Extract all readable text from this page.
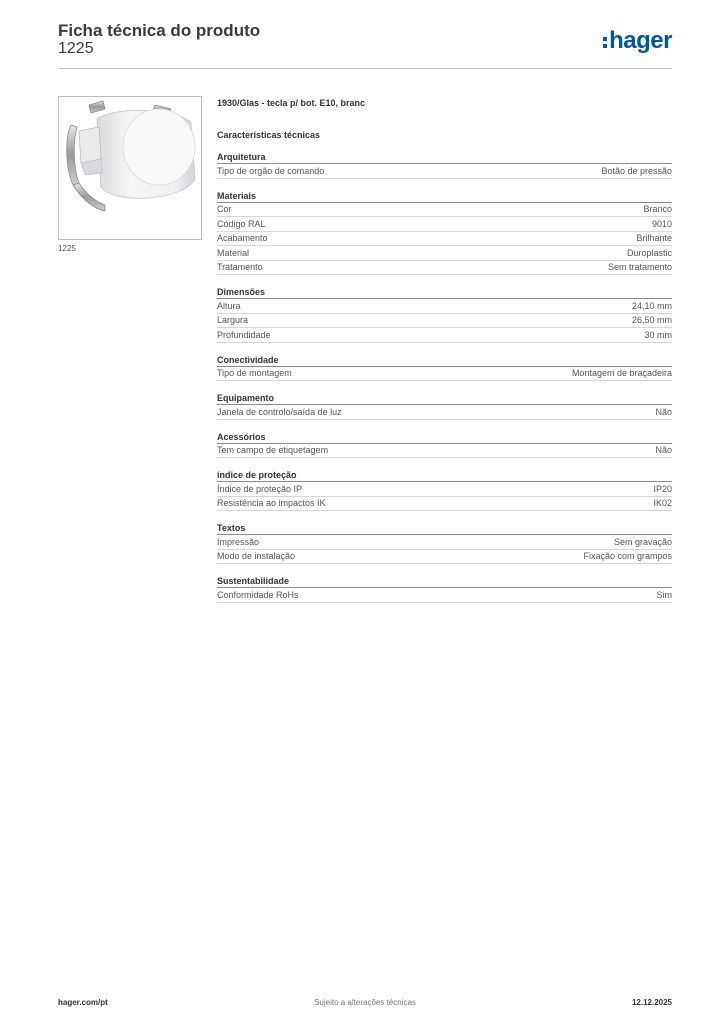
Ficha técnica do produto
1225	hager
1225
1930/Glas - tecla p/ bot. E10, branc
Características técnicas
Arquitetura
Tipo de orgão de comando	Botão de pressão
Materiais
Cor	Branco
Código RAL	9010
Acabamento	Brilhante
Material	Duroplastic
Tratamento	Sem tratamento
Dimensões
Altura	24,10 mm
Largura	26,50 mm
Profundidade	30 mm
Conectividade
Tipo de montagem	Montagem de braçadeira
Equipamento
Janela de controlo/saída de luz	Não
Acessórios
Tem campo de etiquetagem	Não
índice de proteção
Índice de proteção IP	IP20
Resistência ao impactos IK	IK02
Textos
Impressão	Sem gravação
Modo de instalação	Fixação com grampos
Sustentabilidade
Conformidade RoHs	Sim
hager.com/pt	Sujeito a alterações técnicas	12.12.2025
